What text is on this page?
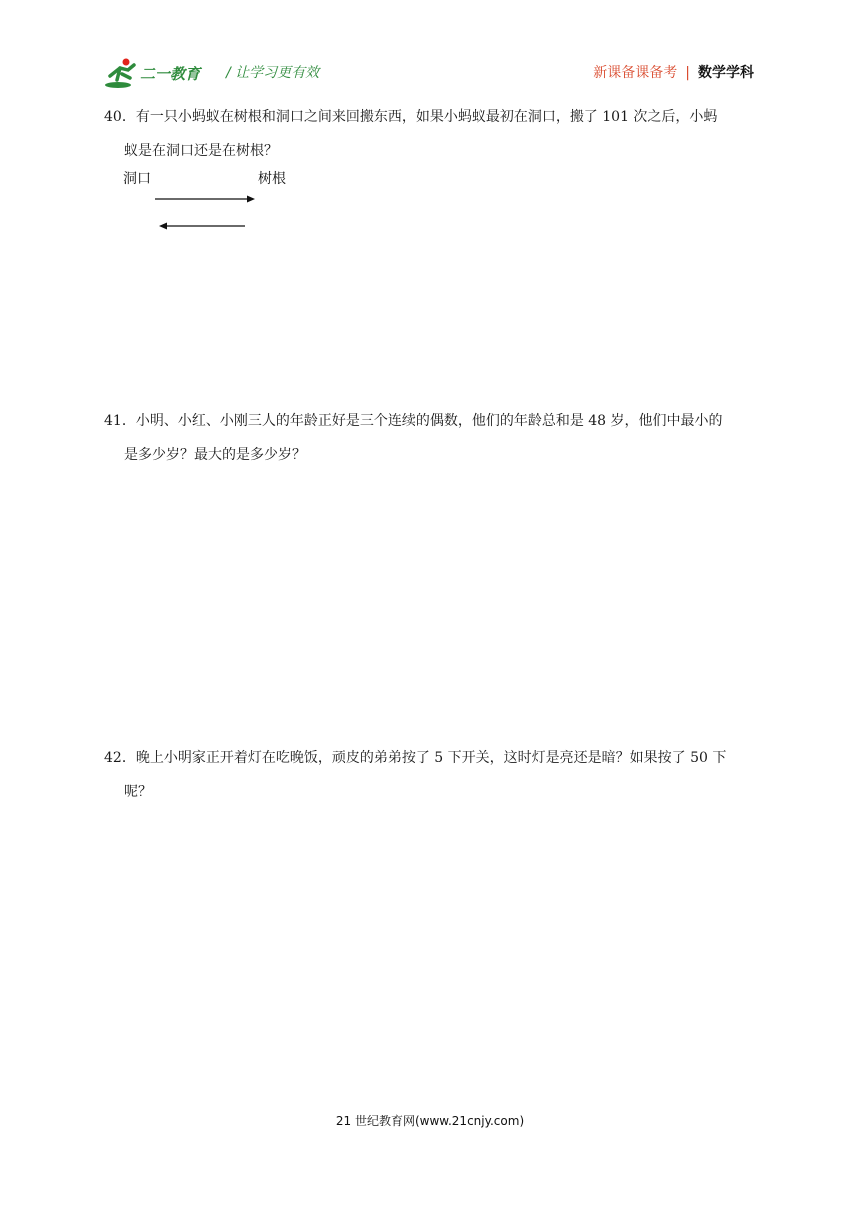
二一教育 / 让学习更有效	新课备课备考 | 数学学科
40．有一只小蚂蚁在树根和洞口之间来回搬东西，如果小蚂蚁最初在洞口，搬了 101 次之后，小蚂
蚁是在洞口还是在树根？
洞口	树根
41．小明、小红、小刚三人的年龄正好是三个连续的偶数，他们的年龄总和是 48 岁，他们中最小的
是多少岁？最大的是多少岁？
42．晚上小明家正开着灯在吃晚饭，顽皮的弟弟按了 5 下开关，这时灯是亮还是暗？如果按了 50 下
呢？
21 世纪教育网(www.21cnjy.com)
